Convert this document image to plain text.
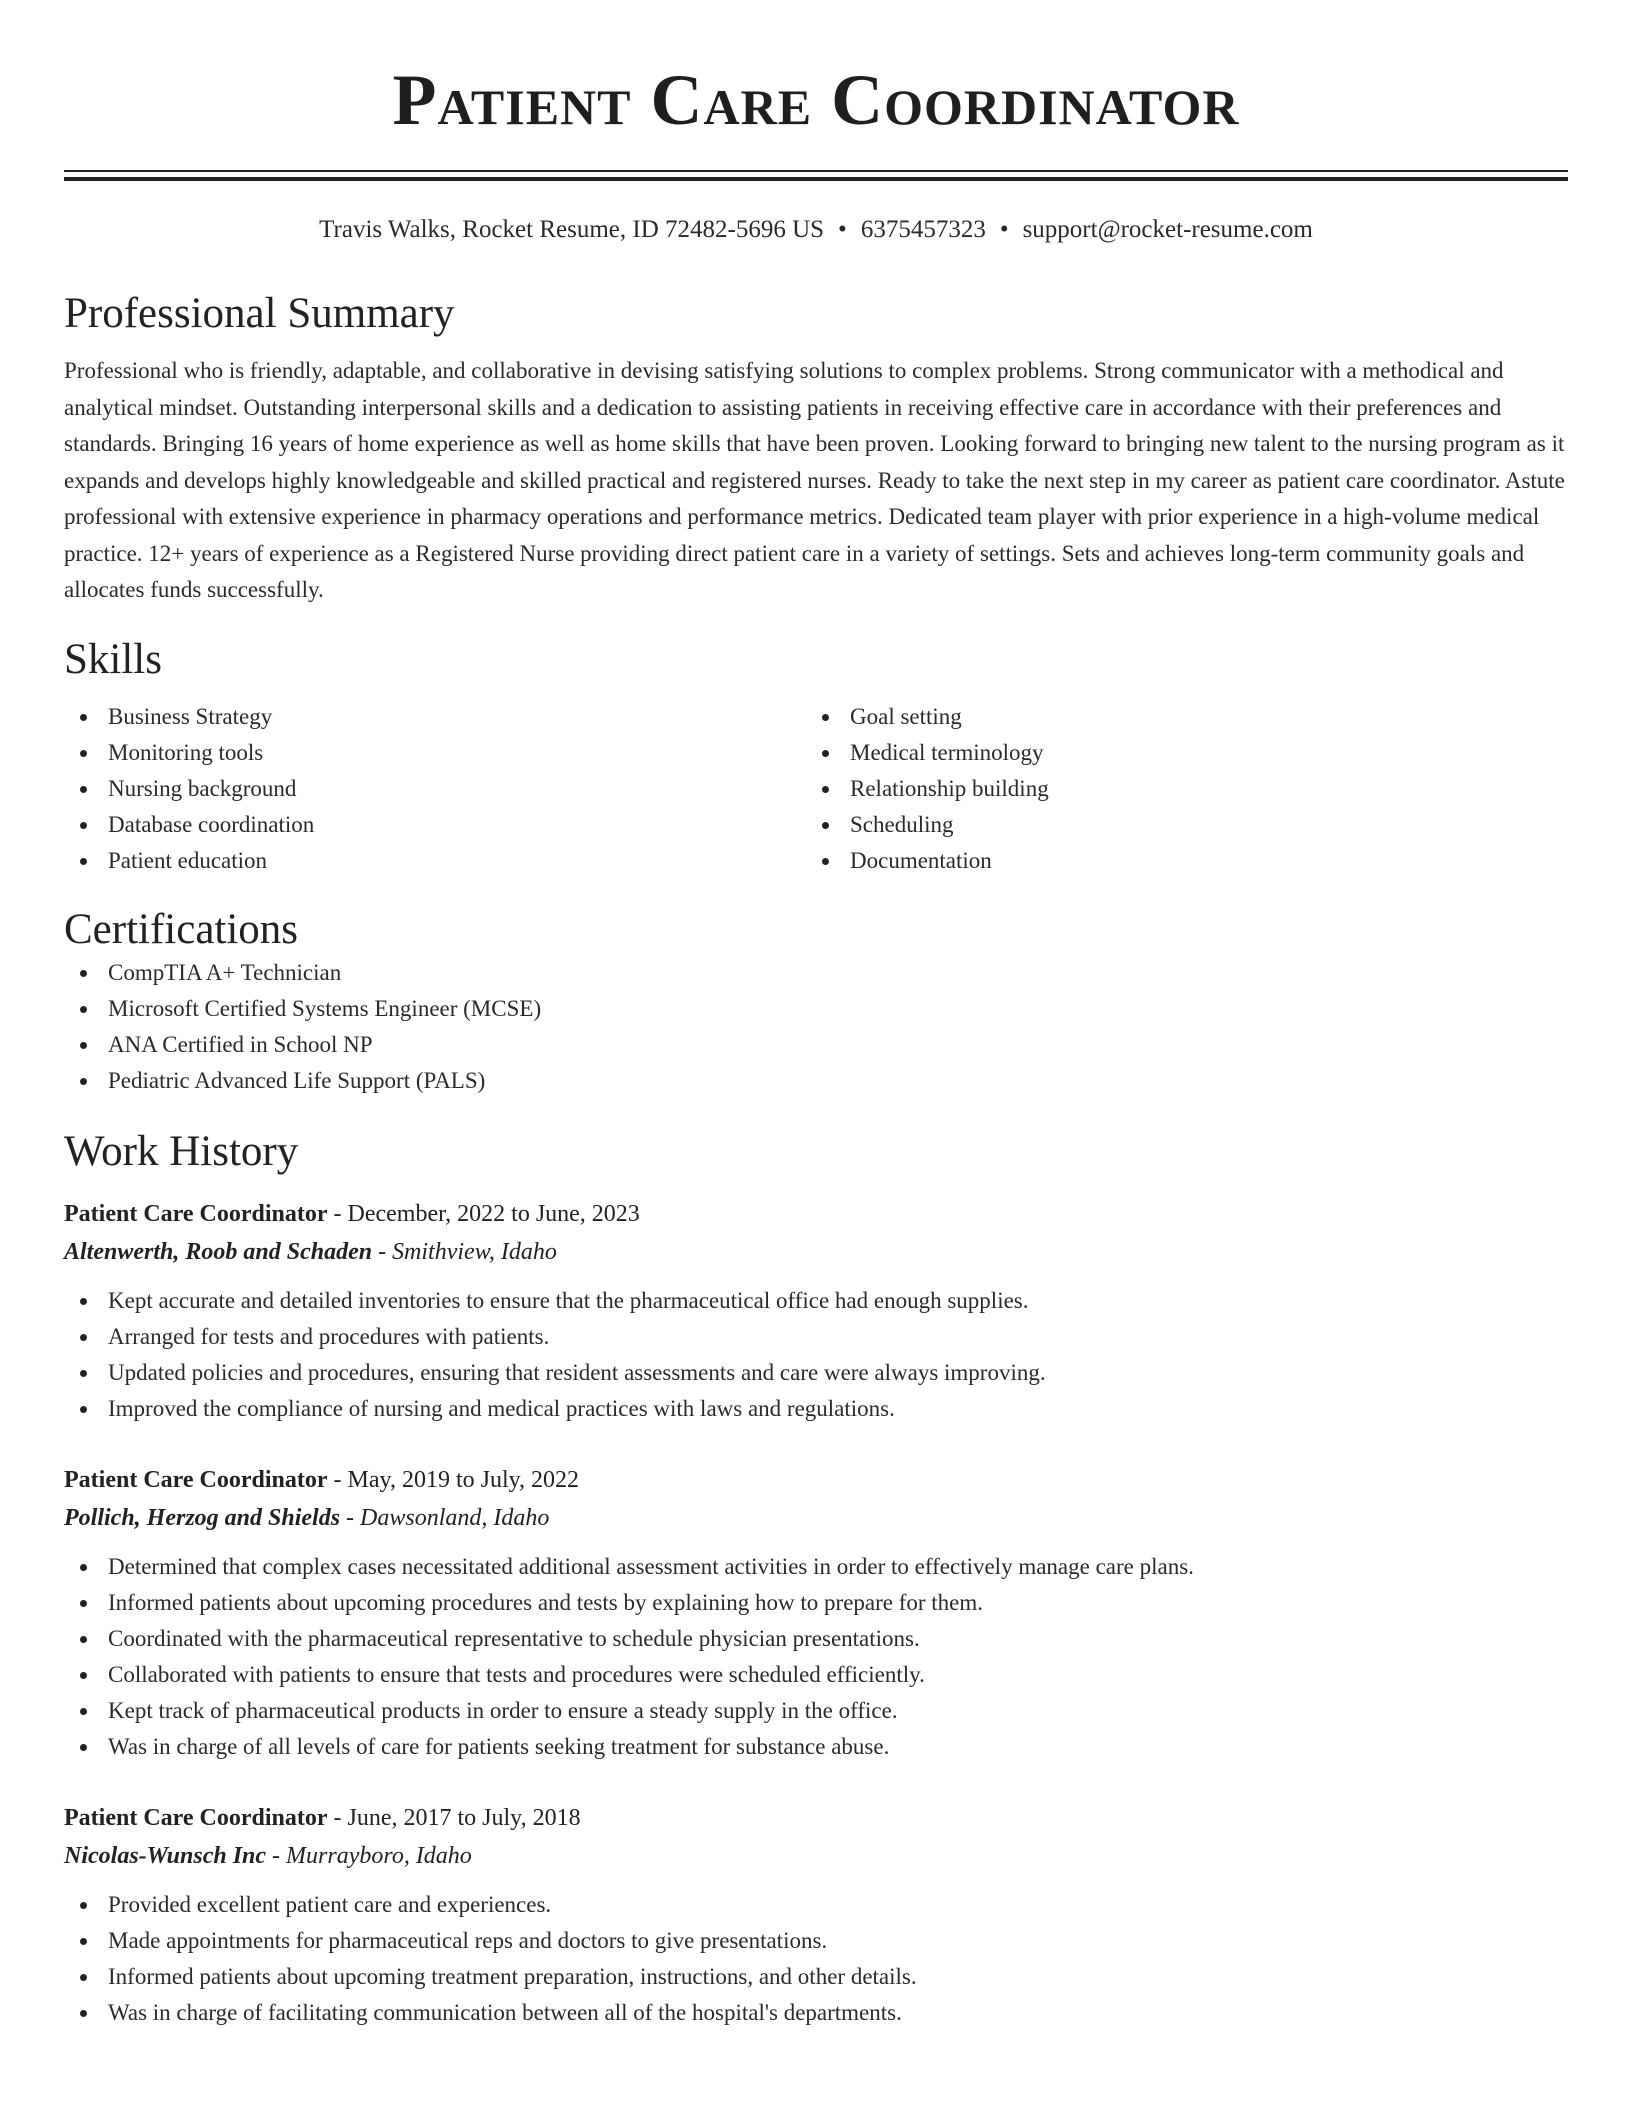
Patient Care Coordinator
Travis Walks, Rocket Resume, ID 72482-5696 US • 6375457323 • support@rocket-resume.com
Professional Summary

Professional who is friendly, adaptable, and collaborative in devising satisfying solutions to complex problems. Strong communicator with a methodical and analytical mindset. Outstanding interpersonal skills and a dedication to assisting patients in receiving effective care in accordance with their preferences and standards. Bringing 16 years of home experience as well as home skills that have been proven. Looking forward to bringing new talent to the nursing program as it expands and develops highly knowledgeable and skilled practical and registered nurses. Ready to take the next step in my career as patient care coordinator. Astute professional with extensive experience in pharmacy operations and performance metrics. Dedicated team player with prior experience in a high-volume medical practice. 12+ years of experience as a Registered Nurse providing direct patient care in a variety of settings. Sets and achieves long-term community goals and allocates funds successfully.

Skills
Business Strategy
Monitoring tools
Nursing background
Database coordination
Patient education
Goal setting
Medical terminology
Relationship building
Scheduling
Documentation
Certifications
CompTIA A+ Technician
Microsoft Certified Systems Engineer (MCSE)
ANA Certified in School NP
Pediatric Advanced Life Support (PALS)
Work History
Patient Care Coordinator - December, 2022 to June, 2023
Altenwerth, Roob and Schaden - Smithview, Idaho
Kept accurate and detailed inventories to ensure that the pharmaceutical office had enough supplies.
Arranged for tests and procedures with patients.
Updated policies and procedures, ensuring that resident assessments and care were always improving.
Improved the compliance of nursing and medical practices with laws and regulations.
Patient Care Coordinator - May, 2019 to July, 2022
Pollich, Herzog and Shields - Dawsonland, Idaho
Determined that complex cases necessitated additional assessment activities in order to effectively manage care plans.
Informed patients about upcoming procedures and tests by explaining how to prepare for them.
Coordinated with the pharmaceutical representative to schedule physician presentations.
Collaborated with patients to ensure that tests and procedures were scheduled efficiently.
Kept track of pharmaceutical products in order to ensure a steady supply in the office.
Was in charge of all levels of care for patients seeking treatment for substance abuse.
Patient Care Coordinator - June, 2017 to July, 2018
Nicolas-Wunsch Inc - Murrayboro, Idaho
Provided excellent patient care and experiences.
Made appointments for pharmaceutical reps and doctors to give presentations.
Informed patients about upcoming treatment preparation, instructions, and other details.
Was in charge of facilitating communication between all of the hospital's departments.
